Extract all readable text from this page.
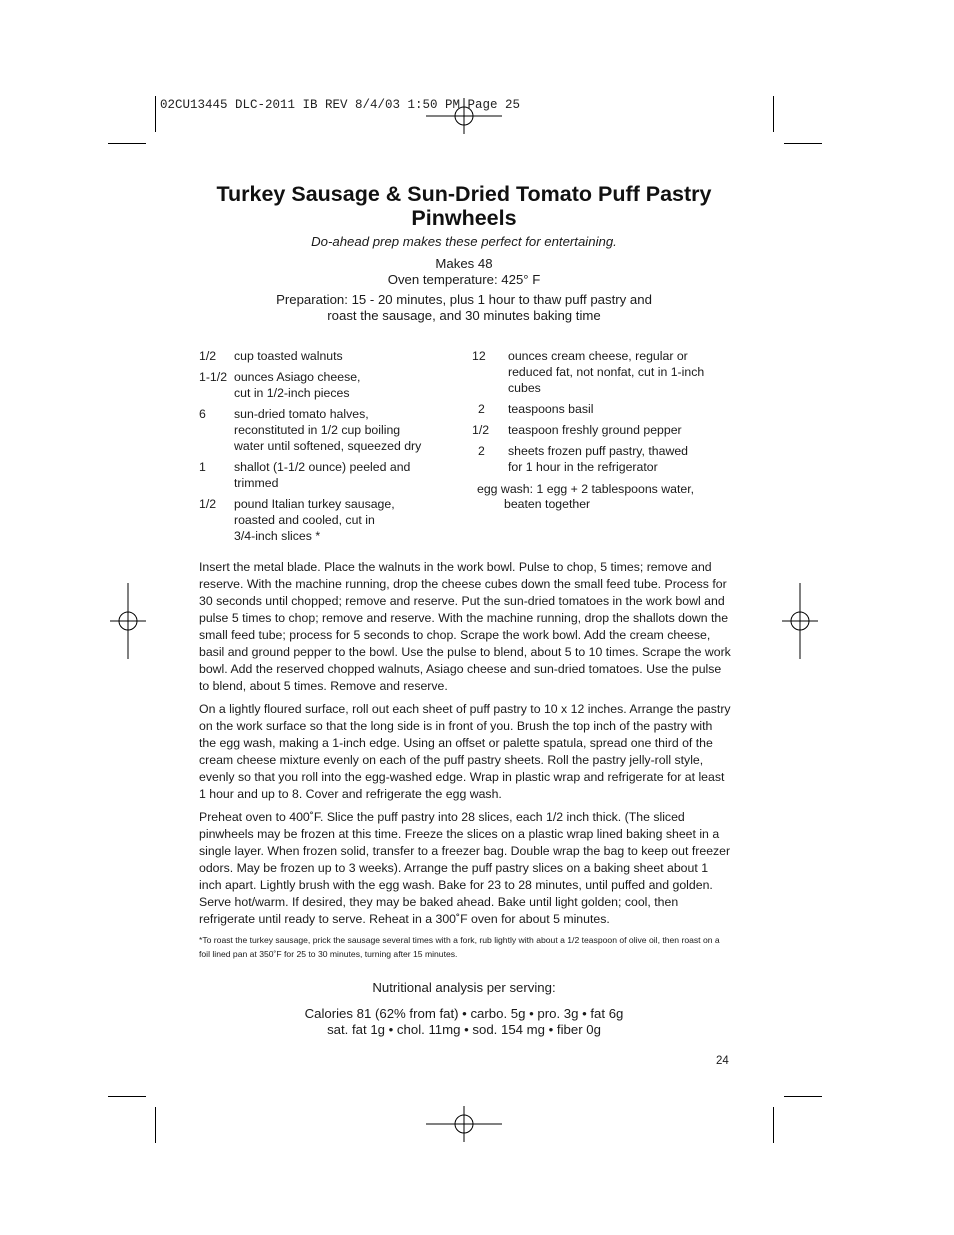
02CU13445 DLC-2011 IB REV 8/4/03 1:50 PM Page 25
Turkey Sausage & Sun-Dried Tomato Puff Pastry
Pinwheels
Do-ahead prep makes these perfect for entertaining.
Makes 48
Oven temperature: 425° F
Preparation: 15 - 20 minutes, plus 1 hour to thaw puff pastry and
roast the sausage, and 30 minutes baking time
1/2	cup toasted walnuts
1-1/2 ounces Asiago cheese,
cut in 1/2-inch pieces
6	sun-dried tomato halves,
reconstituted in 1/2 cup boiling
water until softened, squeezed dry
1	shallot (1-1/2 ounce) peeled and
trimmed
1/2	pound Italian turkey sausage,
roasted and cooled, cut in
3/4-inch slices *
12	ounces cream cheese, regular or
reduced fat, not nonfat, cut in 1-inch
cubes
2	teaspoons basil
1/2	teaspoon freshly ground pepper
2	sheets frozen puff pastry, thawed
for 1 hour in the refrigerator
egg wash: 1 egg + 2 tablespoons water,
beaten together

Insert the metal blade. Place the walnuts in the work bowl. Pulse to chop, 5 times; remove and reserve. With the machine running, drop the cheese cubes down the small feed tube. Process for 30 seconds until chopped; remove and reserve. Put the sun-dried tomatoes in the work bowl and pulse 5 times to chop; remove and reserve. With the machine running, drop the shallots down the small feed tube; process for 5 seconds to chop. Scrape the work bowl. Add the cream cheese, basil and ground pepper to the bowl. Use the pulse to blend, about 5 to 10 times. Scrape the work bowl. Add the reserved chopped walnuts, Asiago cheese and sun-dried tomatoes. Use the pulse to blend, about 5 times. Remove and reserve.

On a lightly floured surface, roll out each sheet of puff pastry to 10 x 12 inches. Arrange the pastry on the work surface so that the long side is in front of you. Brush the top inch of the pastry with the egg wash, making a 1-inch edge. Using an offset or palette spatula, spread one third of the cream cheese mixture evenly on each of the puff pastry sheets. Roll the pastry jelly-roll style, evenly so that you roll into the egg-washed edge. Wrap in plastic wrap and refrigerate for at least 1 hour and up to 8. Cover and refrigerate the egg wash.

Preheat oven to 400˚F. Slice the puff pastry into 28 slices, each 1/2 inch thick. (The sliced pinwheels may be frozen at this time. Freeze the slices on a plastic wrap lined baking sheet in a single layer. When frozen solid, transfer to a freezer bag. Double wrap the bag to keep out freezer odors. May be frozen up to 3 weeks). Arrange the puff pastry slices on a baking sheet about 1 inch apart. Lightly brush with the egg wash. Bake for 23 to 28 minutes, until puffed and golden. Serve hot/warm. If desired, they may be baked ahead. Bake until light golden; cool, then refrigerate until ready to serve. Reheat in a 300˚F oven for about 5 minutes.

*To roast the turkey sausage, prick the sausage several times with a fork, rub lightly with about a 1/2 teaspoon of olive oil, then roast on a foil lined pan at 350˚F for 25 to 30 minutes, turning after 15 minutes.
Nutritional analysis per serving:
Calories 81 (62% from fat) • carbo. 5g • pro. 3g • fat 6g
sat. fat 1g • chol. 11mg • sod. 154 mg • fiber 0g
24
